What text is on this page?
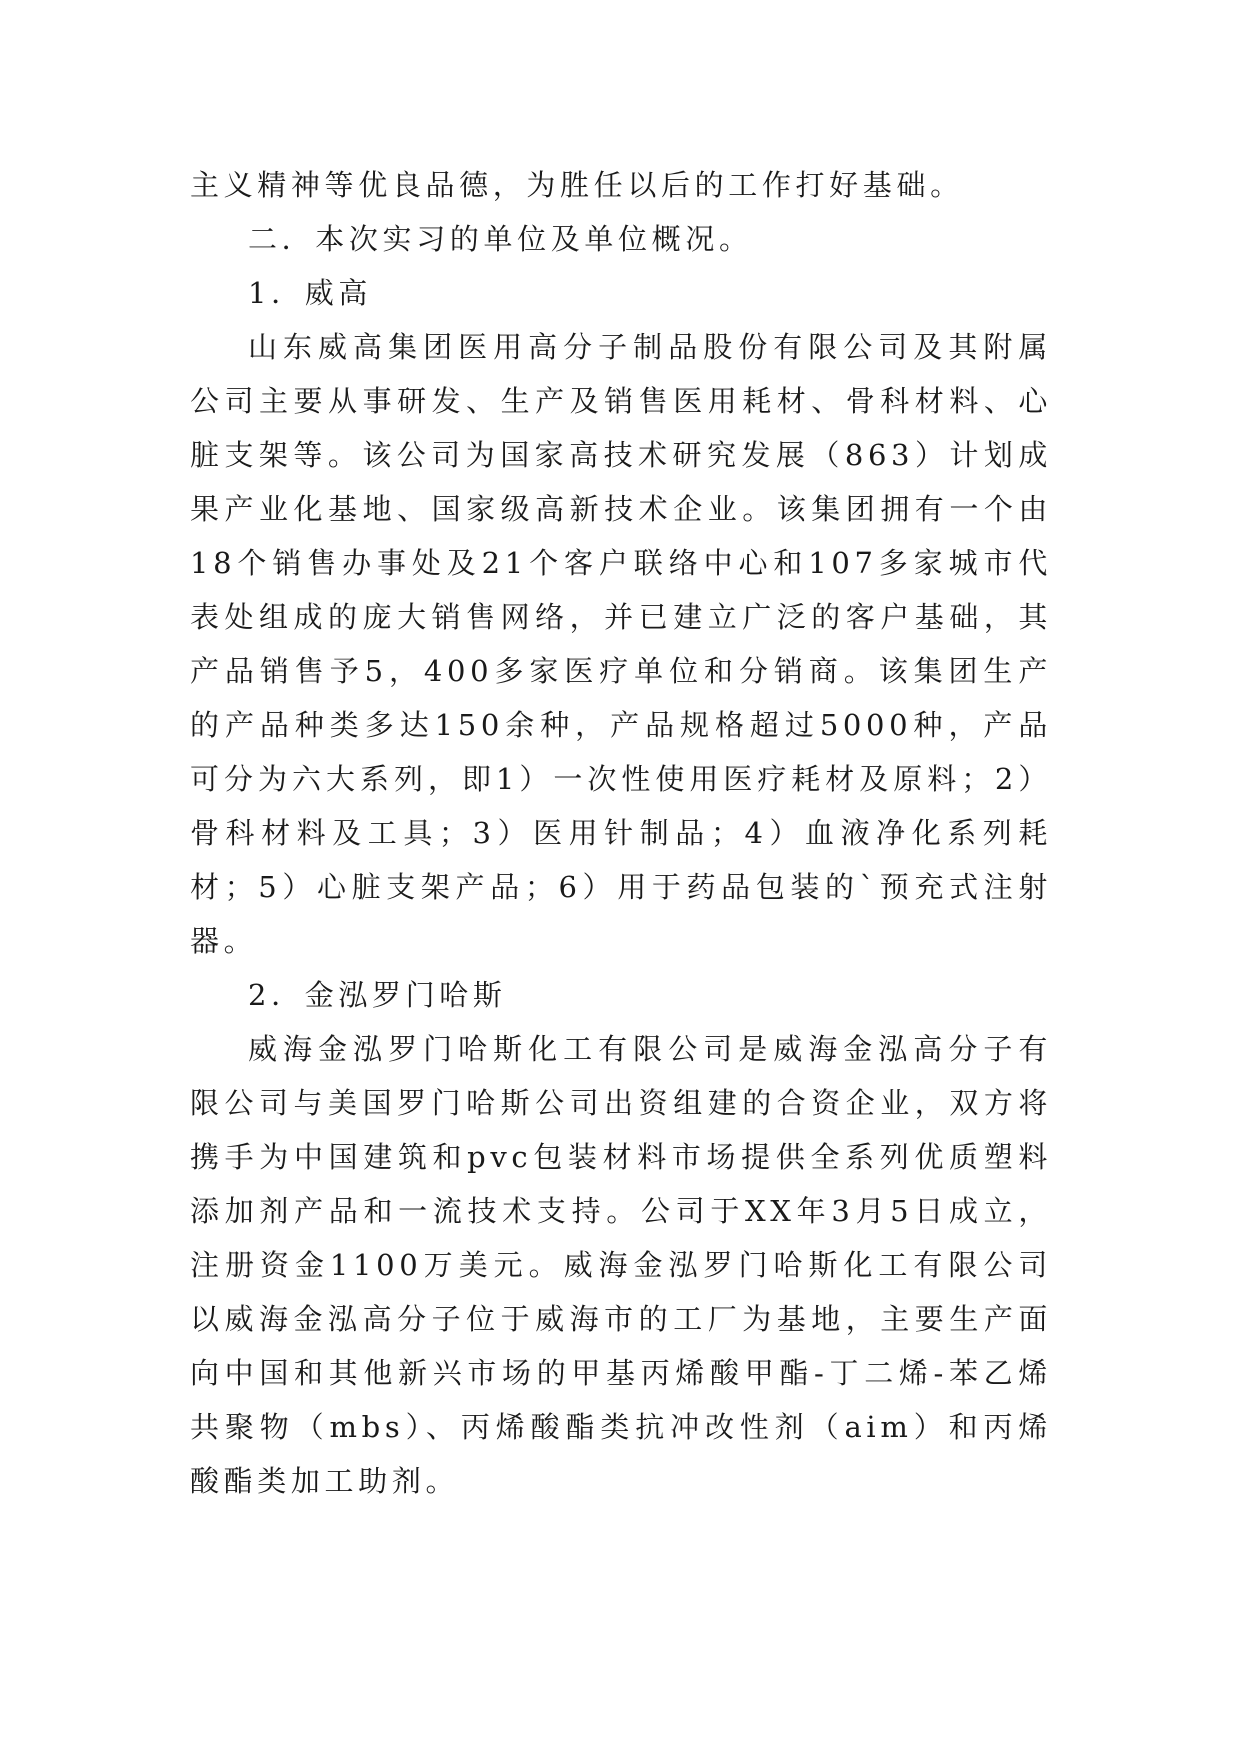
主义精神等优良品德，为胜任以后的工作打好基础。

二．本次实习的单位及单位概况。

1．威高

山东威高集团医用高分子制品股份有限公司及其附属公司主要从事研发、生产及销售医用耗材、骨科材料、心脏支架等。该公司为国家高技术研究发展（863）计划成果产业化基地、国家级高新技术企业。该集团拥有一个由18个销售办事处及21个客户联络中心和107多家城市代表处组成的庞大销售网络，并已建立广泛的客户基础，其产品销售予5，400多家医疗单位和分销商。该集团生产的产品种类多达150余种，产品规格超过5000种，产品可分为六大系列，即1）一次性使用医疗耗材及原料；2）骨科材料及工具；3）医用针制品；4）血液净化系列耗材；5）心脏支架产品；6）用于药品包装的`预充式注射器。

2．金泓罗门哈斯

威海金泓罗门哈斯化工有限公司是威海金泓高分子有限公司与美国罗门哈斯公司出资组建的合资企业，双方将携手为中国建筑和pvc包装材料市场提供全系列优质塑料添加剂产品和一流技术支持。公司于XX年3月5日成立，注册资金1100万美元。威海金泓罗门哈斯化工有限公司以威海金泓高分子位于威海市的工厂为基地，主要生产面向中国和其他新兴市场的甲基丙烯酸甲酯-丁二烯-苯乙烯共聚物（mbs）、丙烯酸酯类抗冲改性剂（aim）和丙烯酸酯类加工助剂。
